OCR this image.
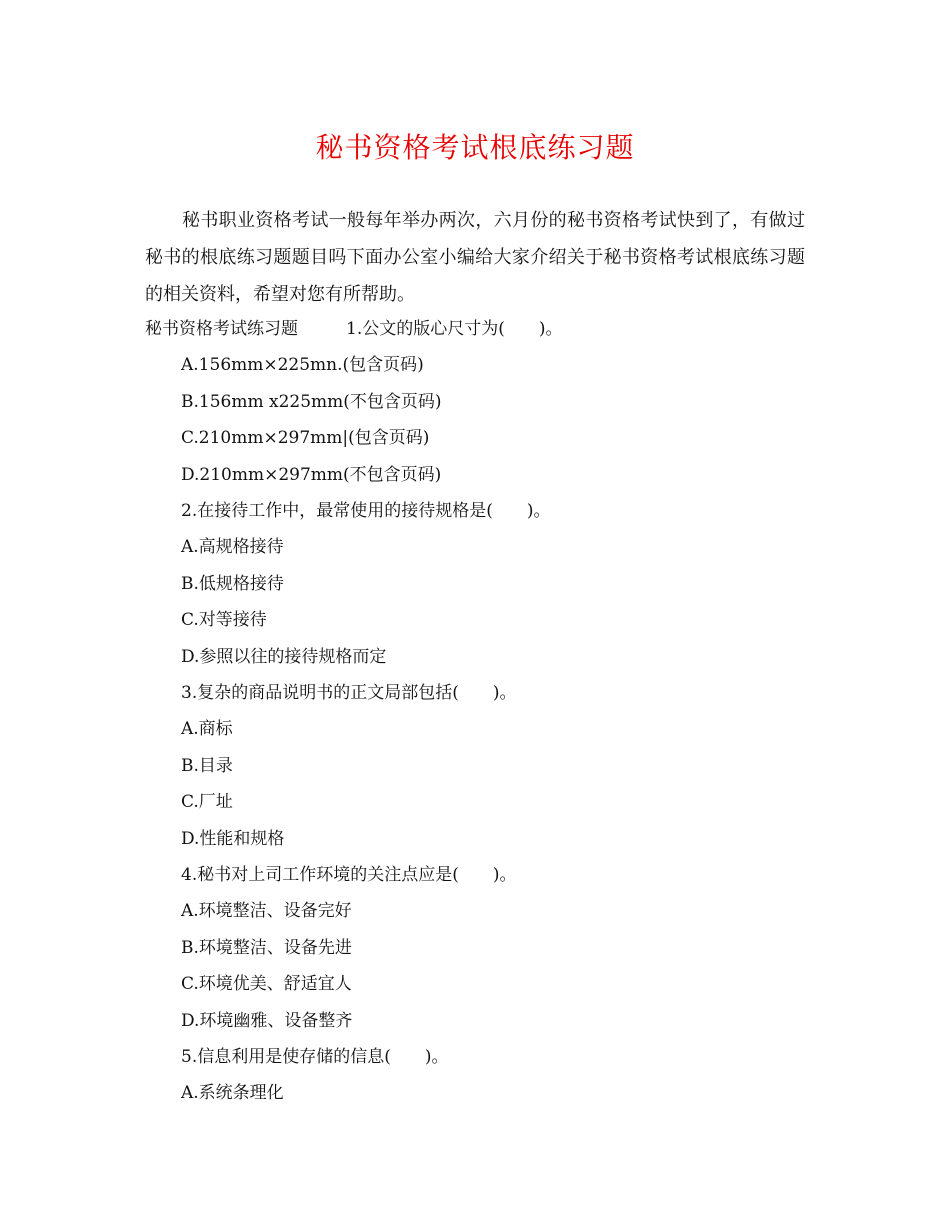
秘书资格考试根底练习题

秘书职业资格考试一般每年举办两次，六月份的秘书资格考试快到了，有做过秘书的根底练习题题目吗下面办公室小编给大家介绍关于秘书资格考试根底练习题的相关资料，希望对您有所帮助。

秘书资格考试练习题	1.公文的版心尺寸为(　　)。
A.156mm×225mn.(包含页码)
B.156mm x225mm(不包含页码)
C.210mm×297mm|(包含页码)
D.210mm×297mm(不包含页码)
2.在接待工作中，最常使用的接待规格是(　　)。
A.高规格接待
B.低规格接待
C.对等接待
D.参照以往的接待规格而定
3.复杂的商品说明书的正文局部包括(　　)。
A.商标
B.目录
C.厂址
D.性能和规格
4.秘书对上司工作环境的关注点应是(　　)。
A.环境整洁、设备完好
B.环境整洁、设备先进
C.环境优美、舒适宜人
D.环境幽雅、设备整齐
5.信息利用是使存储的信息(　　)。
A.系统条理化
